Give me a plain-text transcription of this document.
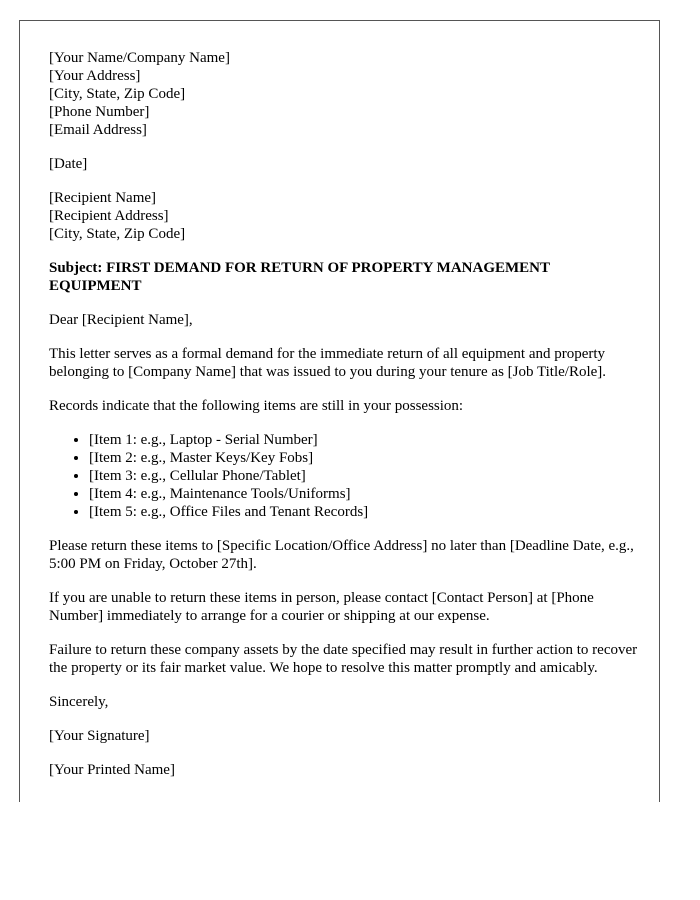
[Your Name/Company Name]
[Your Address]
[City, State, Zip Code]
[Phone Number]
[Email Address]
[Date]
[Recipient Name]
[Recipient Address]
[City, State, Zip Code]

Subject: FIRST DEMAND FOR RETURN OF PROPERTY MANAGEMENT EQUIPMENT

Dear [Recipient Name],

This letter serves as a formal demand for the immediate return of all equipment and property belonging to [Company Name] that was issued to you during your tenure as [Job Title/Role].

Records indicate that the following items are still in your possession:

• [Item 1: e.g., Laptop - Serial Number]
• [Item 2: e.g., Master Keys/Key Fobs]
• [Item 3: e.g., Cellular Phone/Tablet]
• [Item 4: e.g., Maintenance Tools/Uniforms]
• [Item 5: e.g., Office Files and Tenant Records]

Please return these items to [Specific Location/Office Address] no later than [Deadline Date, e.g., 5:00 PM on Friday, October 27th].

If you are unable to return these items in person, please contact [Contact Person] at [Phone Number] immediately to arrange for a courier or shipping at our expense.

Failure to return these company assets by the date specified may result in further action to recover the property or its fair market value. We hope to resolve this matter promptly and amicably.

Sincerely,

[Your Signature]

[Your Printed Name]
